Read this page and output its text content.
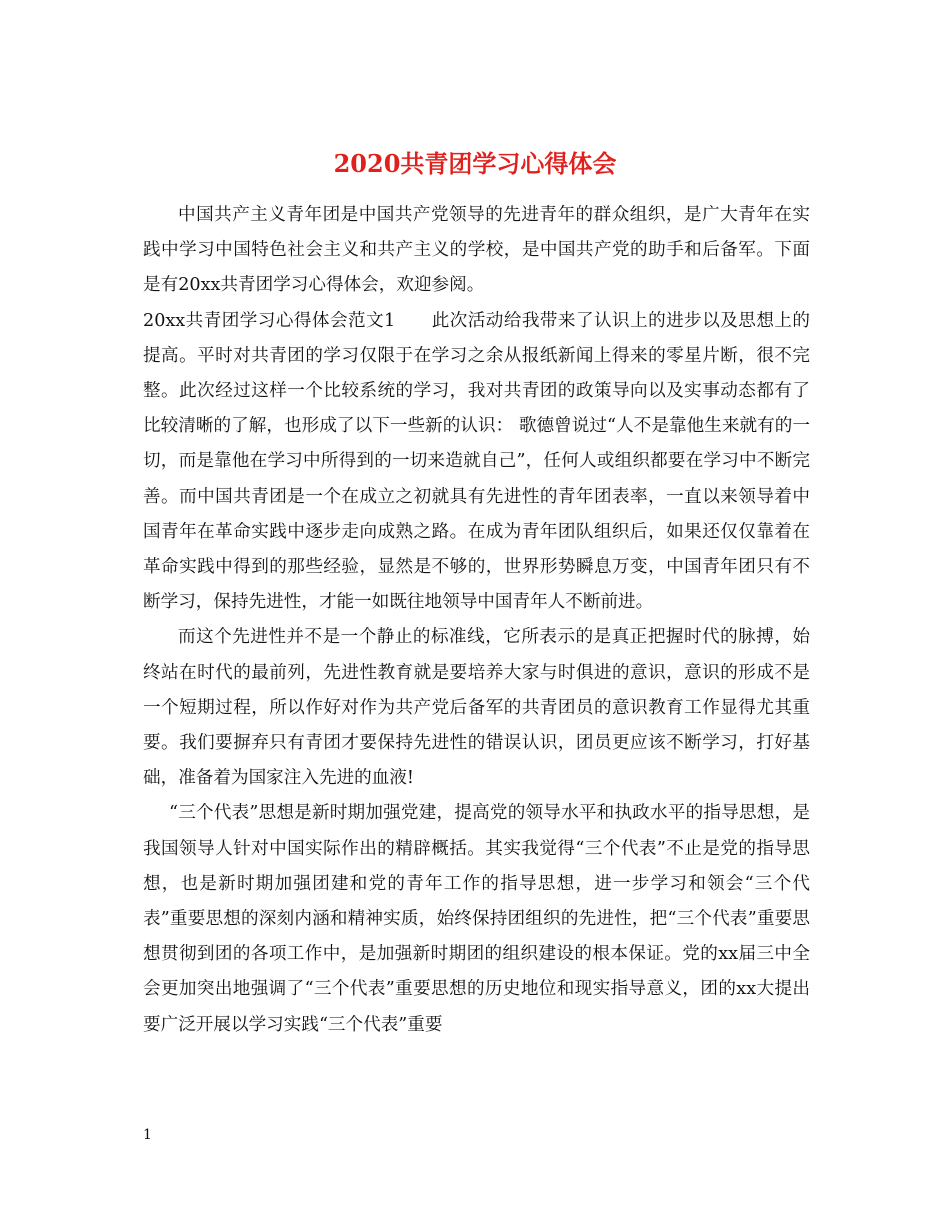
2020共青团学习心得体会

中国共产主义青年团是中国共产党领导的先进青年的群众组织，是广大青年在实践中学习中国特色社会主义和共产主义的学校，是中国共产党的助手和后备军。下面是有20xx共青团学习心得体会，欢迎参阅。

20xx共青团学习心得体会范文1 此次活动给我带来了认识上的进步以及思想上的提高。平时对共青团的学习仅限于在学习之余从报纸新闻上得来的零星片断，很不完整。此次经过这样一个比较系统的学习，我对共青团的政策导向以及实事动态都有了比较清晰的了解，也形成了以下一些新的认识： 歌德曾说过“人不是靠他生来就有的一切，而是靠他在学习中所得到的一切来造就自己”，任何人或组织都要在学习中不断完善。而中国共青团是一个在成立之初就具有先进性的青年团表率，一直以来领导着中国青年在革命实践中逐步走向成熟之路。在成为青年团队组织后，如果还仅仅靠着在革命实践中得到的那些经验，显然是不够的，世界形势瞬息万变，中国青年团只有不断学习，保持先进性，才能一如既往地领导中国青年人不断前进。

而这个先进性并不是一个静止的标准线，它所表示的是真正把握时代的脉搏，始终站在时代的最前列，先进性教育就是要培养大家与时俱进的意识，意识的形成不是一个短期过程，所以作好对作为共产党后备军的共青团员的意识教育工作显得尤其重要。我们要摒弃只有青团才要保持先进性的错误认识，团员更应该不断学习，打好基础，准备着为国家注入先进的血液!

“三个代表”思想是新时期加强党建，提高党的领导水平和执政水平的指导思想，是我国领导人针对中国实际作出的精辟概括。其实我觉得“三个代表”不止是党的指导思想，也是新时期加强团建和党的青年工作的指导思想，进一步学习和领会“三个代表”重要思想的深刻内涵和精神实质，始终保持团组织的先进性，把“三个代表”重要思想贯彻到团的各项工作中，是加强新时期团的组织建设的根本保证。党的xx届三中全会更加突出地强调了“三个代表”重要思想的历史地位和现实指导意义，团的xx大提出要广泛开展以学习实践“三个代表”重要

1
